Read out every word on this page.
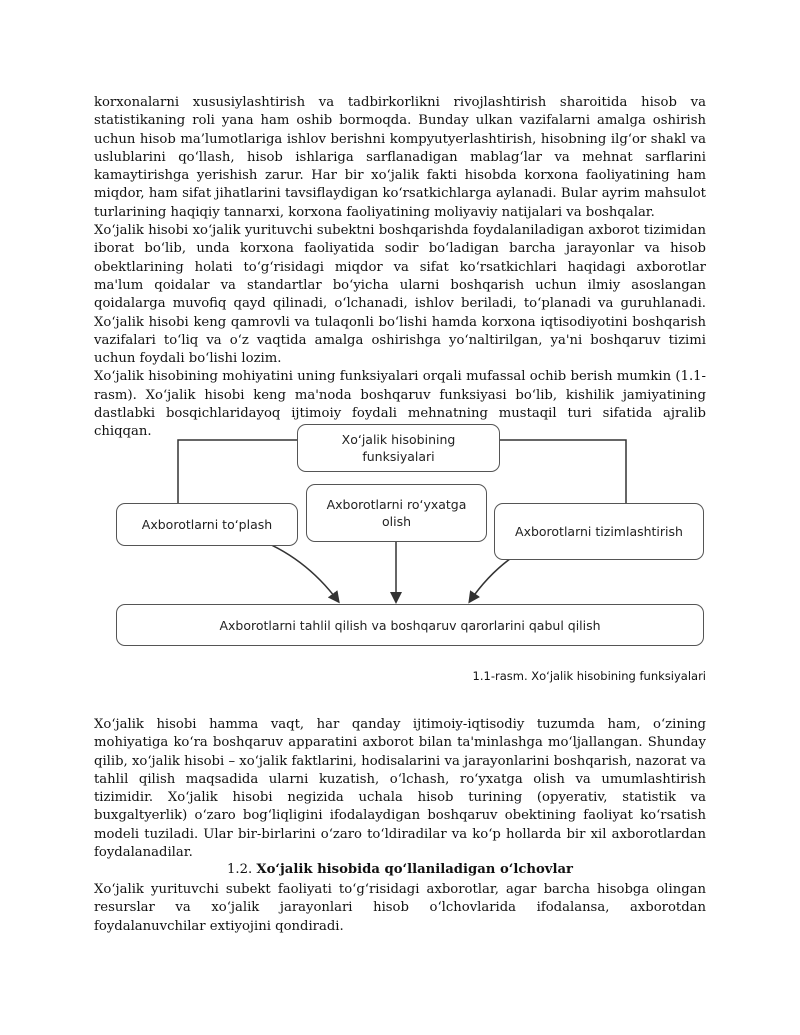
korxonalarni xususiylashtirish va tadbirkorlikni rivojlashtirish sharoitida hisob va statistikaning roli yana ham oshib bormoqda. Bunday ulkan vazifalarni amalga oshirish uchun hisob ma’lumotlariga ishlov berishni kompyutyerlashtirish, hisobning ilg‘or shakl va uslublarini qo‘llash, hisob ishlariga sarflanadigan mablag‘lar va mehnat sarflarini kamaytirishga yerishish zarur. Har bir xo‘jalik fakti hisobda korxona faoliyatining ham miqdor, ham sifat jihatlarini tavsiflaydigan ko‘rsatkichlarga aylanadi. Bular ayrim mahsulot turlarining haqiqiy tannarxi, korxona faoliyatining moliyaviy natijalari va boshqalar.

Xo‘jalik hisobi xo‘jalik yurituvchi subektni boshqarishda foydalaniladigan axborot tizimidan iborat bo‘lib, unda korxona faoliyatida sodir bo‘ladigan barcha jarayonlar va hisob obektlarining holati to‘g‘risidagi miqdor va sifat ko‘rsatkichlari haqidagi axborotlar ma'lum qoidalar va standartlar bo‘yicha ularni boshqarish uchun ilmiy asoslangan qoidalarga muvofiq qayd qilinadi, o‘lchanadi, ishlov beriladi, to‘planadi va guruhlanadi. Xo‘jalik hisobi keng qamrovli va tulaqonli bo‘lishi hamda korxona iqtisodiyotini boshqarish vazifalari to‘liq va o‘z vaqtida amalga oshirishga yo‘naltirilgan, ya'ni boshqaruv tizimi uchun foydali bo‘lishi lozim.

Xo‘jalik hisobining mohiyatini uning funksiyalari orqali mufassal ochib berish mumkin (1.1-rasm). Xo‘jalik hisobi keng ma'noda boshqaruv funksiyasi bo‘lib, kishilik jamiyatining dastlabki bosqichlaridayoq ijtimoiy foydali mehnatning mustaqil turi sifatida ajralib chiqqan.

Xo‘jalik hisobining funksiyalari
Axborotlarni to‘plash
Axborotlarni ro‘yxatga olish
Axborotlarni tizimlashtirish
Axborotlarni tahlil qilish va boshqaruv qarorlarini qabul qilish
1.1-rasm. Xo‘jalik hisobining funksiyalari

Xo‘jalik hisobi hamma vaqt, har qanday ijtimoiy-iqtisodiy tuzumda ham, o‘zining mohiyatiga ko‘ra boshqaruv apparatini axborot bilan ta'minlashga mo‘ljallangan. Shunday qilib, xo‘jalik hisobi – xo‘jalik faktlarini, hodisalarini va jarayonlarini boshqarish, nazorat va tahlil qilish maqsadida ularni kuzatish, o‘lchash, ro‘yxatga olish va umumlashtirish tizimidir. Xo‘jalik hisobi negizida uchala hisob turining (opyerativ, statistik va buxgaltyerlik) o‘zaro bog‘liqligini ifodalaydigan boshqaruv obektining faoliyat ko‘rsatish modeli tuziladi. Ular bir-birlarini o‘zaro to‘ldiradilar va ko‘p hollarda bir xil axborotlardan foydalanadilar.

1.2. Xo‘jalik hisobida qo‘llaniladigan o‘lchovlar

Xo‘jalik yurituvchi subekt faoliyati to‘g‘risidagi axborotlar, agar barcha hisobga olingan resurslar va xo‘jalik jarayonlari hisob o‘lchovlarida ifodalansa, axborotdan foydalanuvchilar extiyojini qondiradi.
